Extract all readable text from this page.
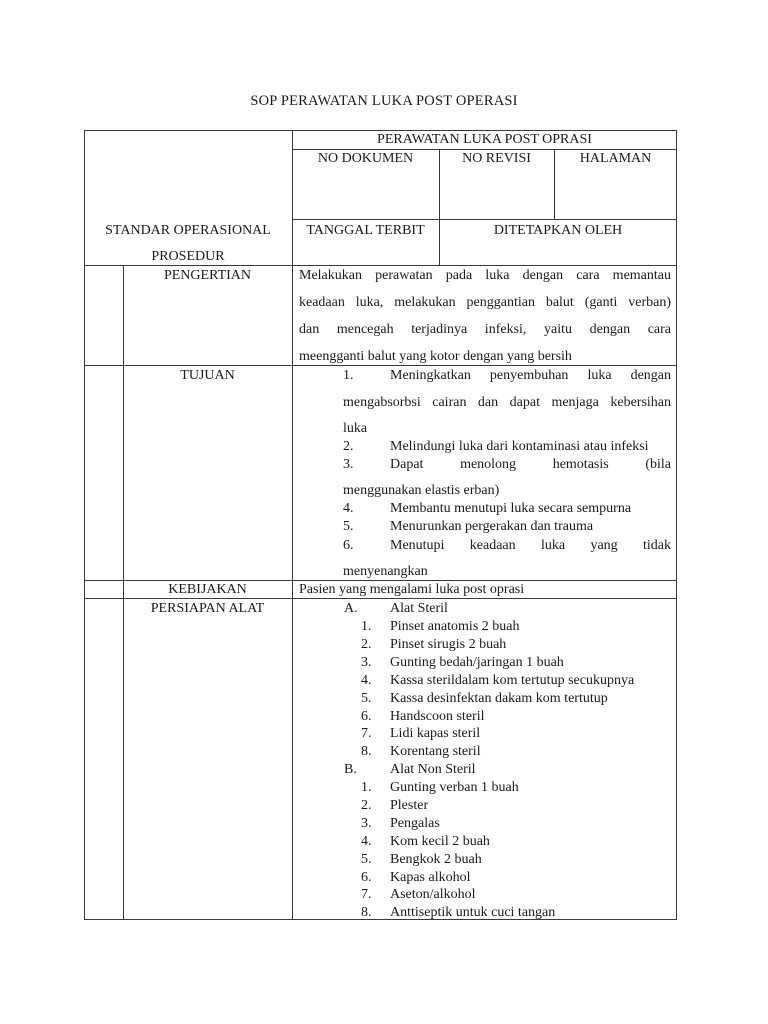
SOP PERAWATAN LUKA POST OPERASI
PERAWATAN LUKA POST OPRASI
NO DOKUMEN	NO REVISI	HALAMAN
STANDAR OPERASIONAL
PROSEDUR
TANGGAL TERBIT	DITETAPKAN OLEH
PENGERTIAN	Melakukan perawatan pada luka dengan cara memantau
keadaan luka, melakukan penggantian balut (ganti verban)
dan mencegah terjadinya infeksi, yaitu dengan cara
meengganti balut yang kotor dengan yang bersih
TUJUAN	1.	Meningkatkan penyembuhan luka dengan
mengabsorbsi cairan dan dapat menjaga kebersihan
luka
2.	Melindungi luka dari kontaminasi atau infeksi
3.	Dapat menolong hemotasis (bila
menggunakan elastis erban)
4.	Membantu menutupi luka secara sempurna
5.	Menurunkan pergerakan dan trauma
6.	Menutupi keadaan luka yang tidak
menyenangkan
KEBIJAKAN	Pasien yang mengalami luka post oprasi
PERSIAPAN ALAT	A. Alat Steril
1. Pinset anatomis 2 buah
2. Pinset sirugis 2 buah
3. Gunting bedah/jaringan 1 buah
4. Kassa sterildalam kom tertutup secukupnya
5. Kassa desinfektan dakam kom tertutup
6. Handscoon steril
7. Lidi kapas steril
8. Korentang steril
B. Alat Non Steril
1. Gunting verban 1 buah
2. Plester
3. Pengalas
4. Kom kecil 2 buah
5. Bengkok 2 buah
6. Kapas alkohol
7. Aseton/alkohol
8. Anttiseptik untuk cuci tangan
